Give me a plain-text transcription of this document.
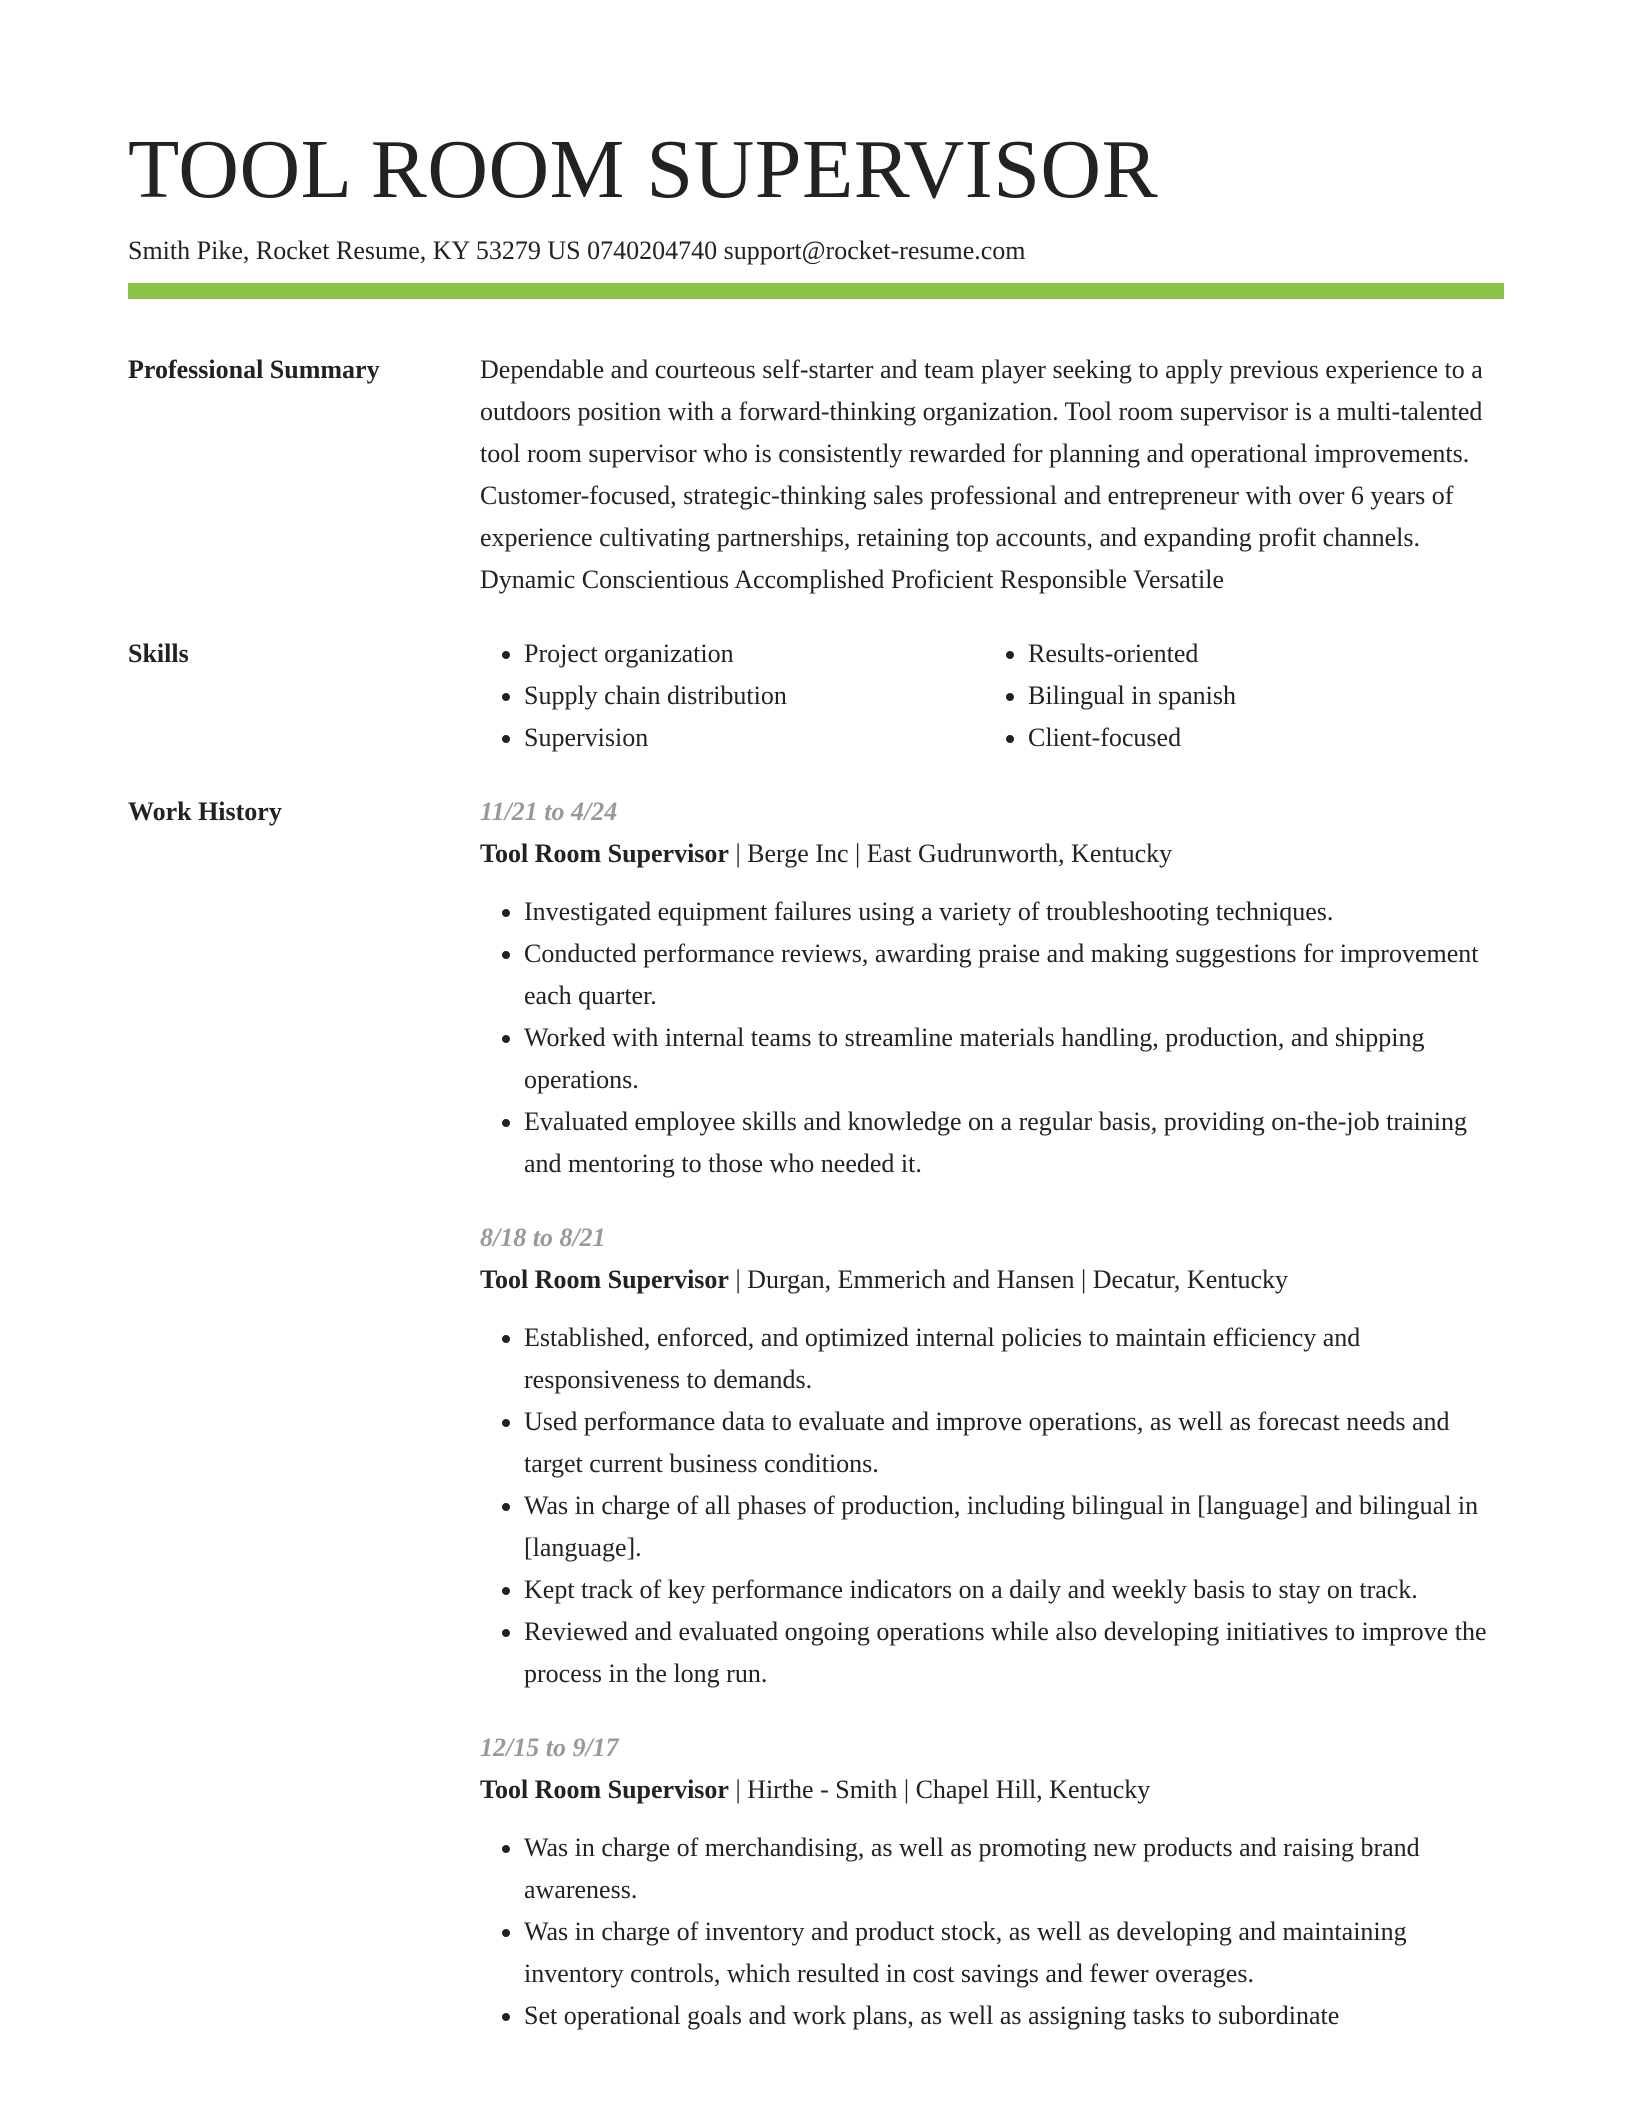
TOOL ROOM SUPERVISOR
Smith Pike, Rocket Resume, KY 53279 US 0740204740 support@rocket-resume.com
Professional Summary	Dependable and courteous self-starter and team player seeking to apply previous experience to a outdoors position with a forward-thinking organization. Tool room supervisor is a multi-talented tool room supervisor who is consistently rewarded for planning and operational improvements. Customer-focused, strategic-thinking sales professional and entrepreneur with over 6 years of experience cultivating partnerships, retaining top accounts, and expanding profit channels. Dynamic Conscientious Accomplished Proficient Responsible Versatile
Skills
•	Project organization
• Supply chain distribution
• Supervision
• Results-oriented
• Bilingual in spanish
• Client-focused
Work History	11/21 to 4/24
Tool Room Supervisor | Berge Inc | East Gudrunworth, Kentucky
• Investigated equipment failures using a variety of troubleshooting techniques.
• Conducted performance reviews, awarding praise and making suggestions for improvement each quarter.
• Worked with internal teams to streamline materials handling, production, and shipping operations.
• Evaluated employee skills and knowledge on a regular basis, providing on-the-job training and mentoring to those who needed it.
8/18 to 8/21
Tool Room Supervisor | Durgan, Emmerich and Hansen | Decatur, Kentucky
• Established, enforced, and optimized internal policies to maintain efficiency and responsiveness to demands.
• Used performance data to evaluate and improve operations, as well as forecast needs and target current business conditions.
• Was in charge of all phases of production, including bilingual in [language] and bilingual in [language].
• Kept track of key performance indicators on a daily and weekly basis to stay on track.
• Reviewed and evaluated ongoing operations while also developing initiatives to improve the process in the long run.
12/15 to 9/17
Tool Room Supervisor | Hirthe - Smith | Chapel Hill, Kentucky
• Was in charge of merchandising, as well as promoting new products and raising brand awareness.
• Was in charge of inventory and product stock, as well as developing and maintaining inventory controls, which resulted in cost savings and fewer overages.
• Set operational goals and work plans, as well as assigning tasks to subordinate
